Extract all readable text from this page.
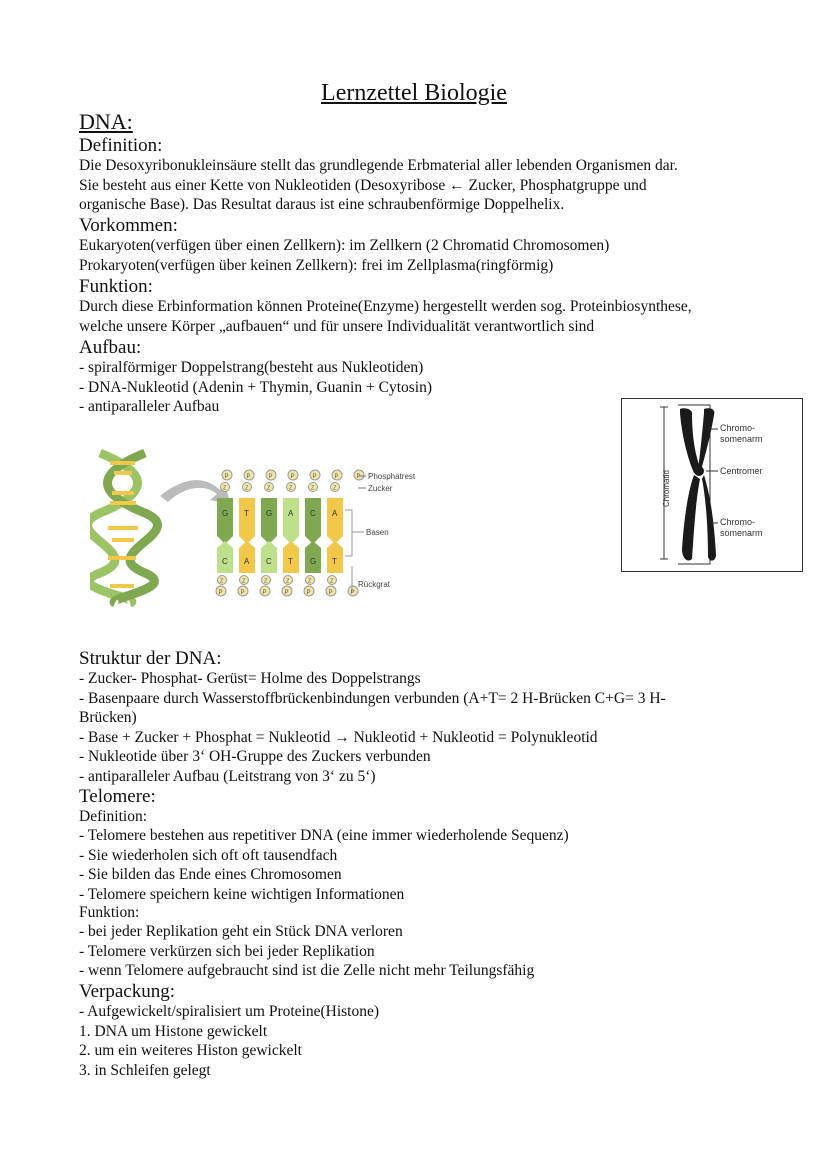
Lernzettel Biologie
DNA:
Definition:
Die Desoxyribonukleinsäure stellt das grundlegende Erbmaterial aller lebenden Organismen dar.
Sie besteht aus einer Kette von Nukleotiden (Desoxyribose ← Zucker, Phosphatgruppe und
organische Base). Das Resultat daraus ist eine schraubenförmige Doppelhelix.
Vorkommen:
Eukaryoten(verfügen über einen Zellkern): im Zellkern (2 Chromatid Chromosomen)
Prokaryoten(verfügen über keinen Zellkern): frei im Zellplasma(ringförmig)
Funktion:
Durch diese Erbinformation können Proteine(Enzyme) hergestellt werden sog. Proteinbiosynthese,
welche unsere Körper „aufbauen“ und für unsere Individualität verantwortlich sind
Aufbau:
- spiralförmiger Doppelstrang(besteht aus Nukleotiden)
- DNA-Nukleotid (Adenin + Thymin, Guanin + Cytosin)
- antiparalleler Aufbau
P	P	P	P	P	P	P
Z	Z	Z	Z	Z	Z
G T G A C A
C
Z
A
Z
C
Z
T
Z
G
Z
T
Z
P	P	P	P	P	P	P
Phosphatrest
Zucker
Basen
Rückgrat
Chromatid
Chromo-
somenarm
Centromer
Chromo-
somenarm
Struktur der DNA:
- Zucker- Phosphat- Gerüst= Holme des Doppelstrangs
- Basenpaare durch Wasserstoffbrückenbindungen verbunden (A+T= 2 H-Brücken C+G= 3 H-
Brücken)
- Base + Zucker + Phosphat = Nukleotid → Nukleotid + Nukleotid = Polynukleotid
- Nukleotide über 3‘ OH-Gruppe des Zuckers verbunden
- antiparalleler Aufbau (Leitstrang von 3‘ zu 5‘)
Telomere:
Definition:
- Telomere bestehen aus repetitiver DNA (eine immer wiederholende Sequenz)
- Sie wiederholen sich oft oft tausendfach
- Sie bilden das Ende eines Chromosomen
- Telomere speichern keine wichtigen Informationen
Funktion:
- bei jeder Replikation geht ein Stück DNA verloren
- Telomere verkürzen sich bei jeder Replikation
- wenn Telomere aufgebraucht sind ist die Zelle nicht mehr Teilungsfähig
Verpackung:
- Aufgewickelt/spiralisiert um Proteine(Histone)
1. DNA um Histone gewickelt
2. um ein weiteres Histon gewickelt
3. in Schleifen gelegt
